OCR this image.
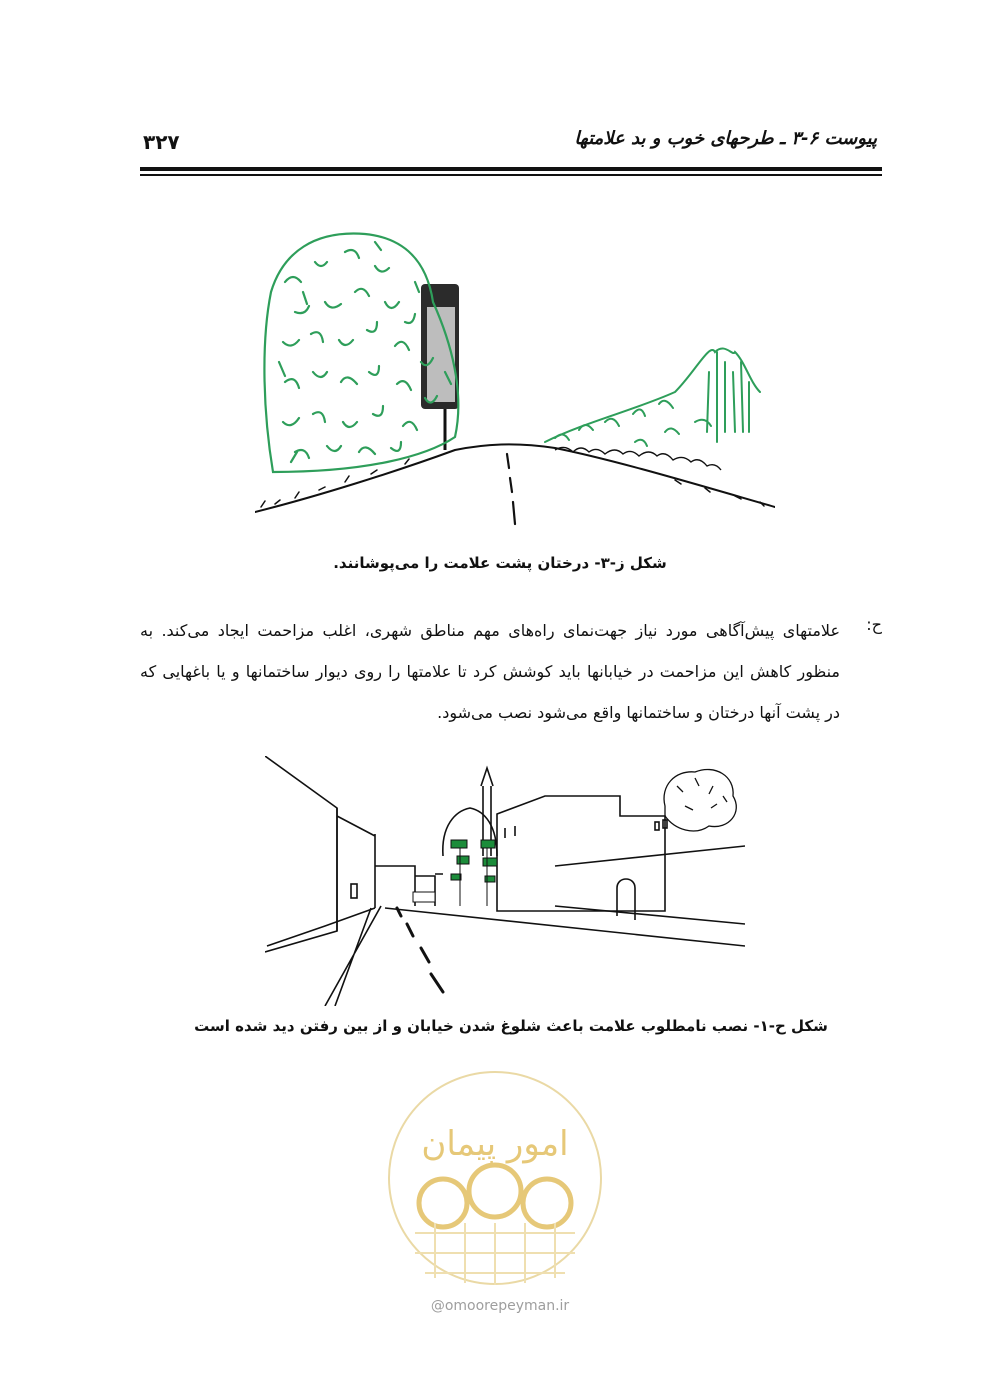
۳۲۷	پیوست ۶-۳ ـ طرحهای خوب و بد علامتها
شکل ز-۳- درختان پشت علامت را می‌پوشانند.
ح:
علامتهای پیش‌آگاهی مورد نیاز جهت‌نمای راه‌های مهم مناطق شهری، اغلب مزاحمت ایجاد می‌کند. به منظور کاهش این مزاحمت در خیابانها باید کوشش کرد تا علامتها را روی دیوار ساختمانها و یا باغهایی که در پشت آنها درختان و ساختمانها واقع می‌شود نصب می‌شود.
شکل ح-۱- نصب نامطلوب علامت باعث شلوغ شدن خیابان و از بین رفتن دید شده است
امور پیمان
@omoorepeyman.ir
